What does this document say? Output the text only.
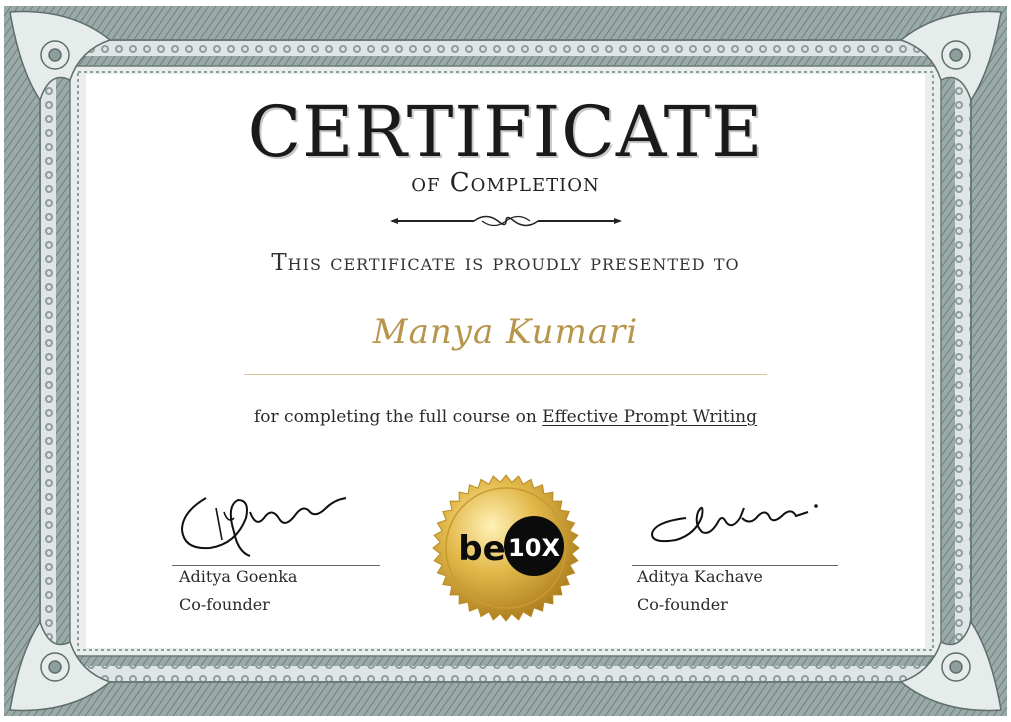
CERTIFICATE
of Completion
This certificate is proudly presented to
Manya Kumari
for completing the full course on Effective Prompt Writing
Aditya Goenka
Co-founder
Aditya Kachave
Co-founder
be 10X
